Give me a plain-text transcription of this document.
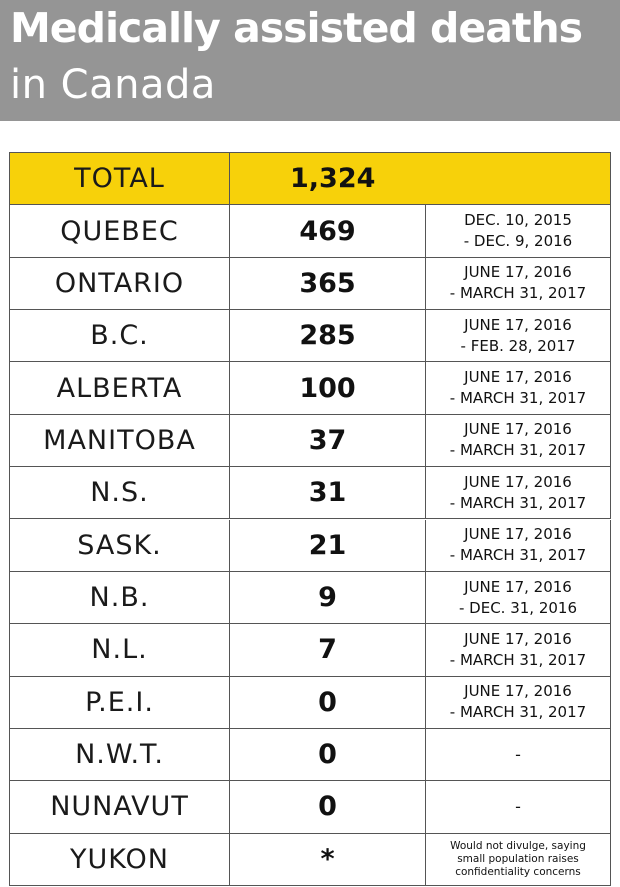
Medically assisted deaths
in Canada
TOTAL	1,324
QUEBEC	469	DEC. 10, 2015
- DEC. 9, 2016
ONTARIO	365	JUNE 17, 2016
- MARCH 31, 2017
B.C.	285	JUNE 17, 2016
- FEB. 28, 2017
ALBERTA	100	JUNE 17, 2016
- MARCH 31, 2017
MANITOBA	37	JUNE 17, 2016
- MARCH 31, 2017
N.S.	31	JUNE 17, 2016
- MARCH 31, 2017
SASK.	21	JUNE 17, 2016
- MARCH 31, 2017
N.B.	9	JUNE 17, 2016
- DEC. 31, 2016
N.L.	7	JUNE 17, 2016
- MARCH 31, 2017
P.E.I.	0	JUNE 17, 2016
- MARCH 31, 2017
N.W.T.	0	-
NUNAVUT	0	-
YUKON	*	Would not divulge, saying
small population raises
confidentiality concerns
